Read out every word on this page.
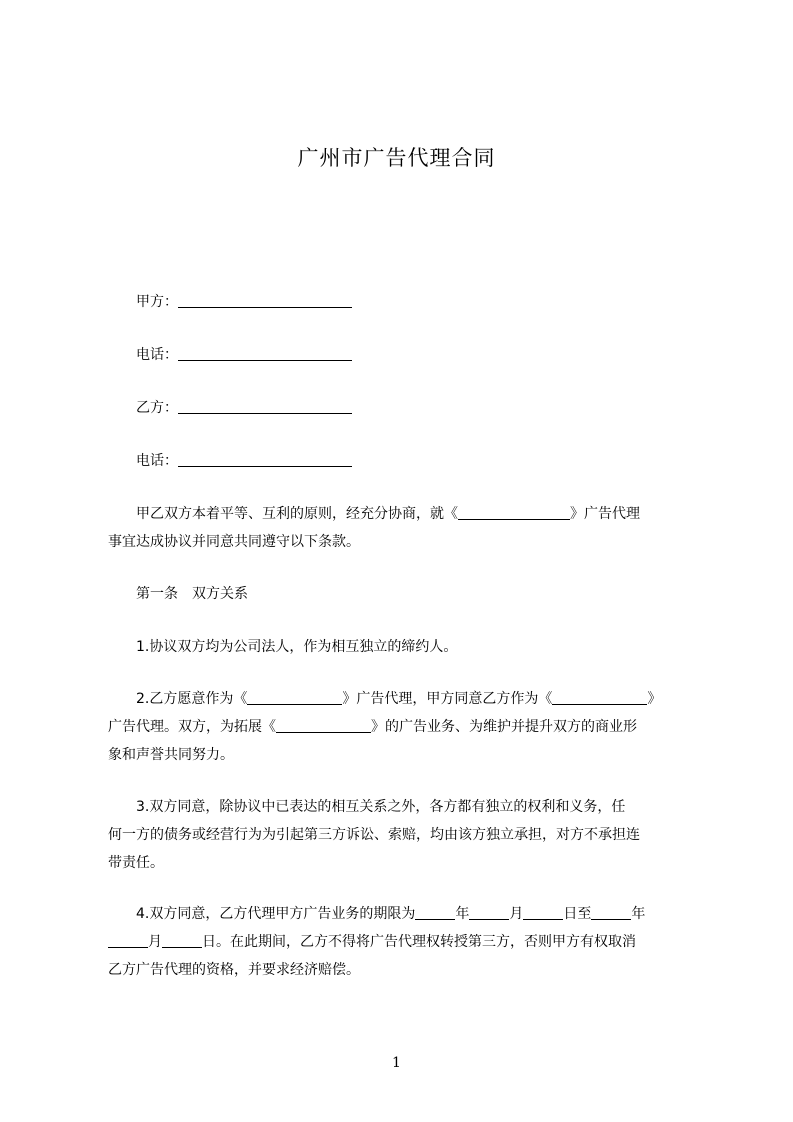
广州市广告代理合同
甲方：
电话：
乙方：
电话：
甲乙双方本着平等、互利的原则，经充分协商，就《	》广告代理
事宜达成协议并同意共同遵守以下条款。
第一条　双方关系
1.协议双方均为公司法人，作为相互独立的缔约人。
2.乙方愿意作为《	》广告代理，甲方同意乙方作为《	》
广告代理。双方，为拓展《	》的广告业务、为维护并提升双方的商业形
象和声誉共同努力。
3.双方同意，除协议中已表达的相互关系之外，各方都有独立的权利和义务，任
何一方的债务或经营行为为引起第三方诉讼、索赔，均由该方独立承担，对方不承担连
带责任。
4.双方同意，乙方代理甲方广告业务的期限为	年	月	日至	年
月	日。在此期间，乙方不得将广告代理权转授第三方，否则甲方有权取消
乙方广告代理的资格，并要求经济赔偿。
1
